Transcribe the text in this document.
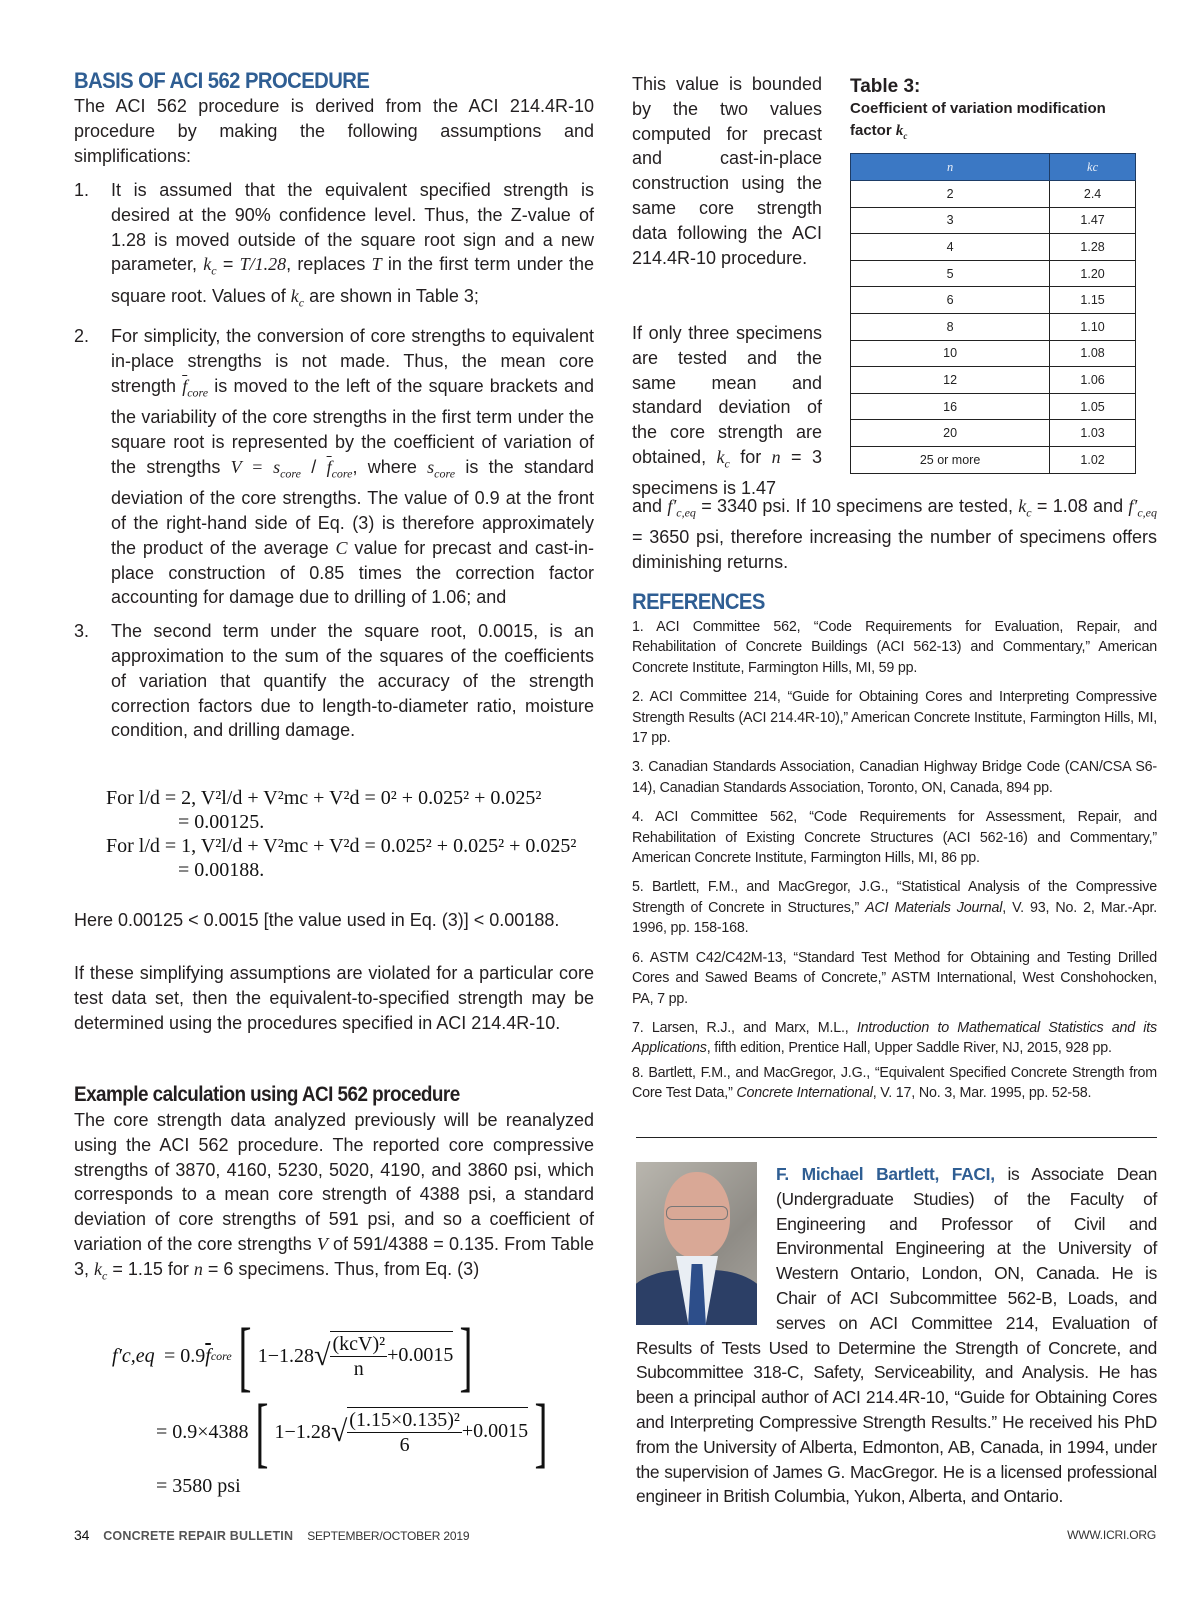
BASIS OF ACI 562 PROCEDURE
The ACI 562 procedure is derived from the ACI 214.4R-10 procedure by making the following assumptions and simplifications:
1.	It is assumed that the equivalent specified strength is desired at the 90% confidence level. Thus, the Z-value of 1.28 is moved outside of the square root sign and a new parameter, $k_c = T/1.28$, replaces T in the first term under the square root. Values of $k_c$ are shown in Table 3;
2.	For simplicity, the conversion of core strengths to equivalent in-place strengths is not made. Thus, the mean core strength $\overline{f}_{core}$ is moved to the left of the square brackets and the variability of the core strengths in the first term under the square root is represented by the coefficient of variation of the strengths $V = s_{core} / \overline{f}_{core}$, where $s_{core}$ is the standard deviation of the core strengths. The value of 0.9 at the front of the right-hand side of Eq. (3) is therefore approximately the product of the average C value for precast and cast-in-place construction of 0.85 times the correction factor accounting for damage due to drilling of 1.06; and
3.	The second term under the square root, 0.0015, is an approximation to the sum of the squares of the coefficients of variation that quantify the accuracy of the strength correction factors due to length-to-diameter ratio, moisture condition, and drilling damage.
For l/d = 2, V²l/d + V²mc + V²d = 0² + 0.025² + 0.025²
= 0.00125.
For l/d = 1, V²l/d + V²mc + V²d = 0.025² + 0.025² + 0.025²
= 0.00188.
Here 0.00125 < 0.0015 [the value used in Eq. (3)] < 0.00188.
If these simplifying assumptions are violated for a particular core test data set, then the equivalent-to-specified strength may be determined using the procedures specified in ACI 214.4R-10.
Example calculation using ACI 562 procedure
The core strength data analyzed previously will be reanalyzed using the ACI 562 procedure. The reported core compressive strengths of 3870, 4160, 5230, 5020, 4190, and 3860 psi, which corresponds to a mean core strength of 4388 psi, a standard deviation of core strengths of 591 psi, and so a coefficient of variation of the core strengths V of 591/4388 = 0.135. From Table 3, $k_c = 1.15$ for n = 6 specimens. Thus, from Eq. (3)
f′c,eq = 0.9 $\overline{f}$ core [ 1−1.28 √ $\frac{\text{(kcV)²}}{n} +0.0015$ ]
= 0.9×4388 [ 1−1.28 √ $\frac{\text{(1.15×0.135)²}}{6} +0.0015$ ]
= 3580 psi
This value is bounded by the two values computed for precast and cast-in-place construction using the same core strength data following the ACI 214.4R-10 procedure.
If only three specimens are tested and the same mean and standard deviation of the core strength are obtained, $k_c$ for n = 3 specimens is 1.47
Table 3:
Coefficient of variation modification factor $k_c$
n	kc
2	2.4
3	1.47
4	1.28
5	1.20
6	1.15
8	1.10
10	1.08
12	1.06
16	1.05
20	1.03
25 or more	1.02
and $f'_{c,eq} = 3340$ psi. If 10 specimens are tested, $k_c = 1.08$ and $f'_{c,eq} = 3650$ psi, therefore increasing the number of specimens offers diminishing returns.
REFERENCES
1. ACI Committee 562, “Code Requirements for Evaluation, Repair, and Rehabilitation of Concrete Buildings (ACI 562-13) and Commentary,” American Concrete Institute, Farmington Hills, MI, 59 pp.
2. ACI Committee 214, “Guide for Obtaining Cores and Interpreting Compressive Strength Results (ACI 214.4R-10),” American Concrete Institute, Farmington Hills, MI, 17 pp.
3. Canadian Standards Association, Canadian Highway Bridge Code (CAN/CSA S6-14), Canadian Standards Association, Toronto, ON, Canada, 894 pp.
4. ACI Committee 562, “Code Requirements for Assessment, Repair, and Rehabilitation of Existing Concrete Structures (ACI 562-16) and Commentary,” American Concrete Institute, Farmington Hills, MI, 86 pp.
5. Bartlett, F.M., and MacGregor, J.G., “Statistical Analysis of the Compressive Strength of Concrete in Structures,” ACI Materials Journal, V. 93, No. 2, Mar.-Apr. 1996, pp. 158-168.
6. ASTM C42/C42M-13, “Standard Test Method for Obtaining and Testing Drilled Cores and Sawed Beams of Concrete,” ASTM International, West Conshohocken, PA, 7 pp.
7. Larsen, R.J., and Marx, M.L., Introduction to Mathematical Statistics and its Applications, fifth edition, Prentice Hall, Upper Saddle River, NJ, 2015, 928 pp.
8. Bartlett, F.M., and MacGregor, J.G., “Equivalent Specified Concrete Strength from Core Test Data,” Concrete International, V. 17, No. 3, Mar. 1995, pp. 52-58.
F. Michael Bartlett, FACI, is Associate Dean (Undergraduate Studies) of the Faculty of Engineering and Professor of Civil and Environmental Engineering at the University of Western Ontario, London, ON, Canada. He is Chair of ACI Subcommittee 562-B, Loads, and serves on ACI Committee 214, Evaluation of Results of Tests Used to Determine the Strength of Concrete, and Subcommittee 318-C, Safety, Serviceability, and Analysis. He has been a principal author of ACI 214.4R-10, “Guide for Obtaining Cores and Interpreting Compressive Strength Results.” He received his PhD from the University of Alberta, Edmonton, AB, Canada, in 1994, under the supervision of James G. MacGregor. He is a licensed professional engineer in British Columbia, Yukon, Alberta, and Ontario.
34 CONCRETE REPAIR BULLETIN SEPTEMBER/OCTOBER 2019	WWW.ICRI.ORG
